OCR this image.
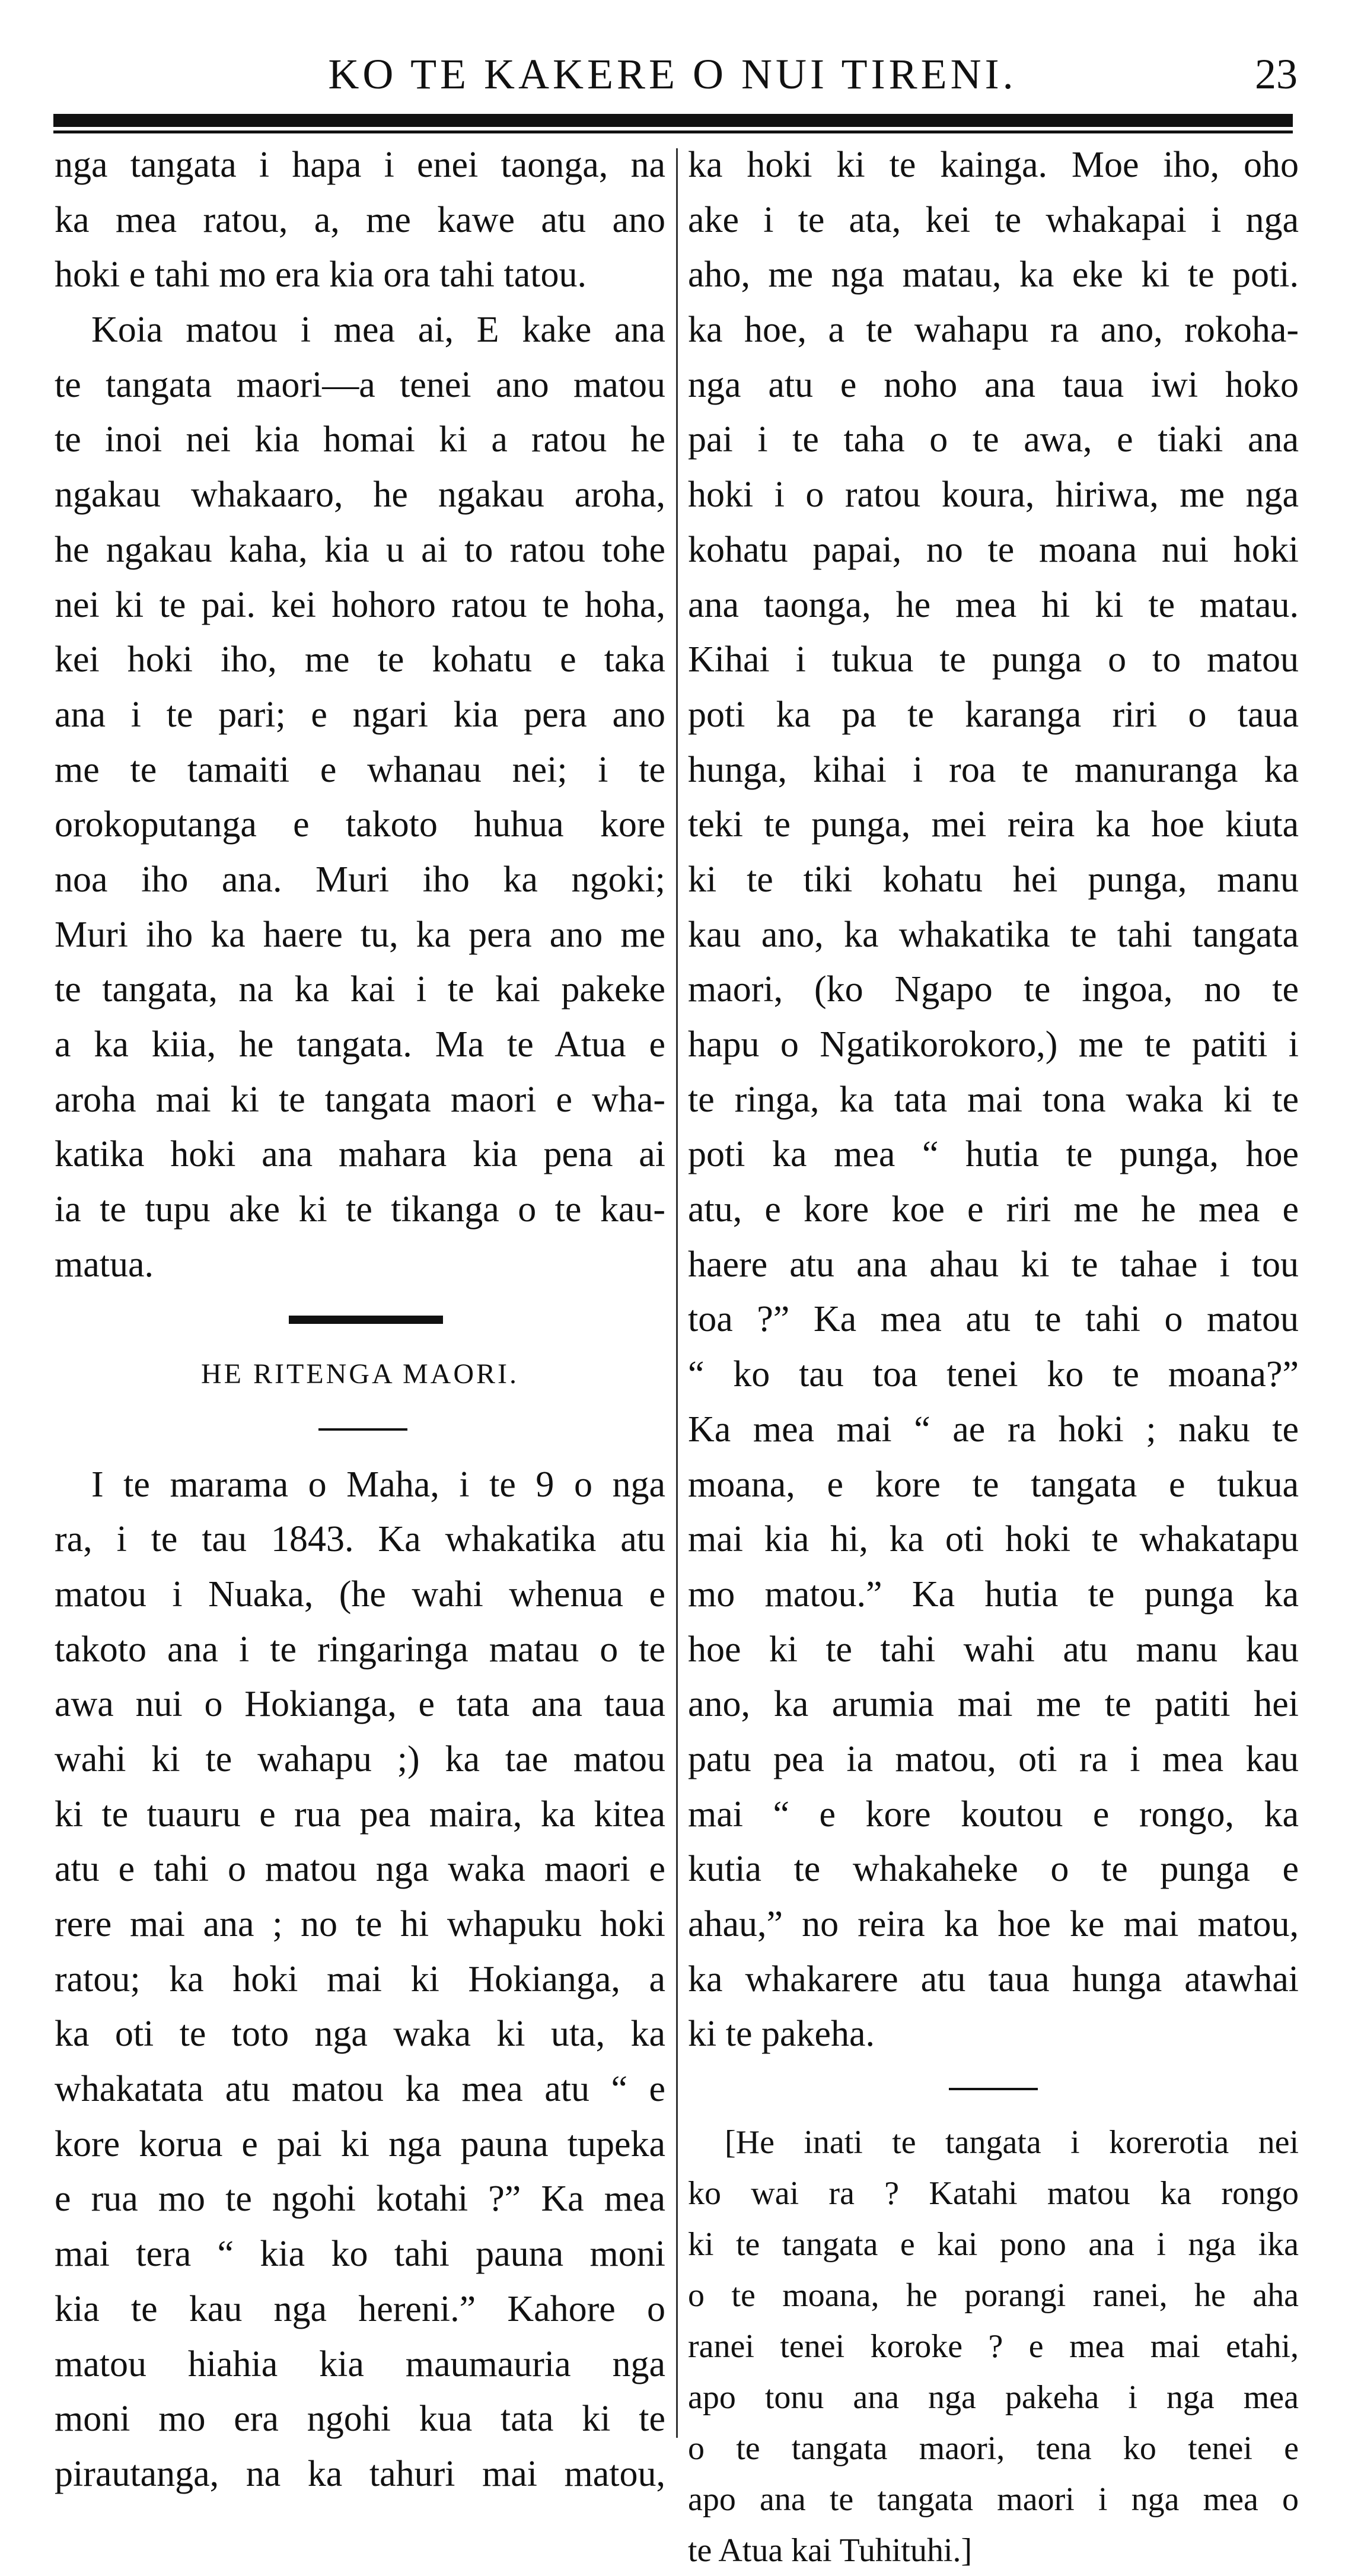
KO TE KAKERE O NUI TIRENI.	23
nga tangata i hapa i enei taonga, na
ka mea ratou, a, me kawe atu ano
hoki e tahi mo era kia ora tahi tatou.
Koia matou i mea ai, E kake ana
te tangata maori—a tenei ano matou
te inoi nei kia homai ki a ratou he
ngakau whakaaro, he ngakau aroha,
he ngakau kaha, kia u ai to ratou tohe
nei ki te pai. kei hohoro ratou te hoha,
kei hoki iho, me te kohatu e taka
ana i te pari; e ngari kia pera ano
me te tamaiti e whanau nei; i te
orokoputanga e takoto huhua kore
noa iho ana. Muri iho ka ngoki;
Muri iho ka haere tu, ka pera ano me
te tangata, na ka kai i te kai pakeke
a ka kiia, he tangata. Ma te Atua e
aroha mai ki te tangata maori e wha-
katika hoki ana mahara kia pena ai
ia te tupu ake ki te tikanga o te kau-
matua.
HE RITENGA MAORI.
I te marama o Maha, i te 9 o nga
ra, i te tau 1843. Ka whakatika atu
matou i Nuaka, (he wahi whenua e
takoto ana i te ringaringa matau o te
awa nui o Hokianga, e tata ana taua
wahi ki te wahapu ;) ka tae matou
ki te tuauru e rua pea maira, ka kitea
atu e tahi o matou nga waka maori e
rere mai ana ; no te hi whapuku hoki
ratou; ka hoki mai ki Hokianga, a
ka oti te toto nga waka ki uta, ka
whakatata atu matou ka mea atu “ e
kore korua e pai ki nga pauna tupeka
e rua mo te ngohi kotahi ?” Ka mea
mai tera “ kia ko tahi pauna moni
kia te kau nga hereni.” Kahore o
matou hiahia kia maumauria nga
moni mo era ngohi kua tata ki te
pirautanga, na ka tahuri mai matou,
ka hoki ki te kainga. Moe iho, oho
ake i te ata, kei te whakapai i nga
aho, me nga matau, ka eke ki te poti.
ka hoe, a te wahapu ra ano, rokoha-
nga atu e noho ana taua iwi hoko
pai i te taha o te awa, e tiaki ana
hoki i o ratou koura, hiriwa, me nga
kohatu papai, no te moana nui hoki
ana taonga, he mea hi ki te matau.
Kihai i tukua te punga o to matou
poti ka pa te karanga riri o taua
hunga, kihai i roa te manuranga ka
teki te punga, mei reira ka hoe kiuta
ki te tiki kohatu hei punga, manu
kau ano, ka whakatika te tahi tangata
maori, (ko Ngapo te ingoa, no te
hapu o Ngatikorokoro,) me te patiti i
te ringa, ka tata mai tona waka ki te
poti ka mea “ hutia te punga, hoe
atu, e kore koe e riri me he mea e
haere atu ana ahau ki te tahae i tou
toa ?” Ka mea atu te tahi o matou
“ ko tau toa tenei ko te moana?”
Ka mea mai “ ae ra hoki ; naku te
moana, e kore te tangata e tukua
mai kia hi, ka oti hoki te whakatapu
mo matou.” Ka hutia te punga ka
hoe ki te tahi wahi atu manu kau
ano, ka arumia mai me te patiti hei
patu pea ia matou, oti ra i mea kau
mai “ e kore koutou e rongo, ka
kutia te whakaheke o te punga e
ahau,” no reira ka hoe ke mai matou,
ka whakarere atu taua hunga atawhai
ki te pakeha.
[He inati te tangata i korerotia nei
ko wai ra ? Katahi matou ka rongo
ki te tangata e kai pono ana i nga ika
o te moana, he porangi ranei, he aha
ranei tenei koroke ? e mea mai etahi,
apo tonu ana nga pakeha i nga mea
o te tangata maori, tena ko tenei e
apo ana te tangata maori i nga mea o
te Atua kai Tuhituhi.]
